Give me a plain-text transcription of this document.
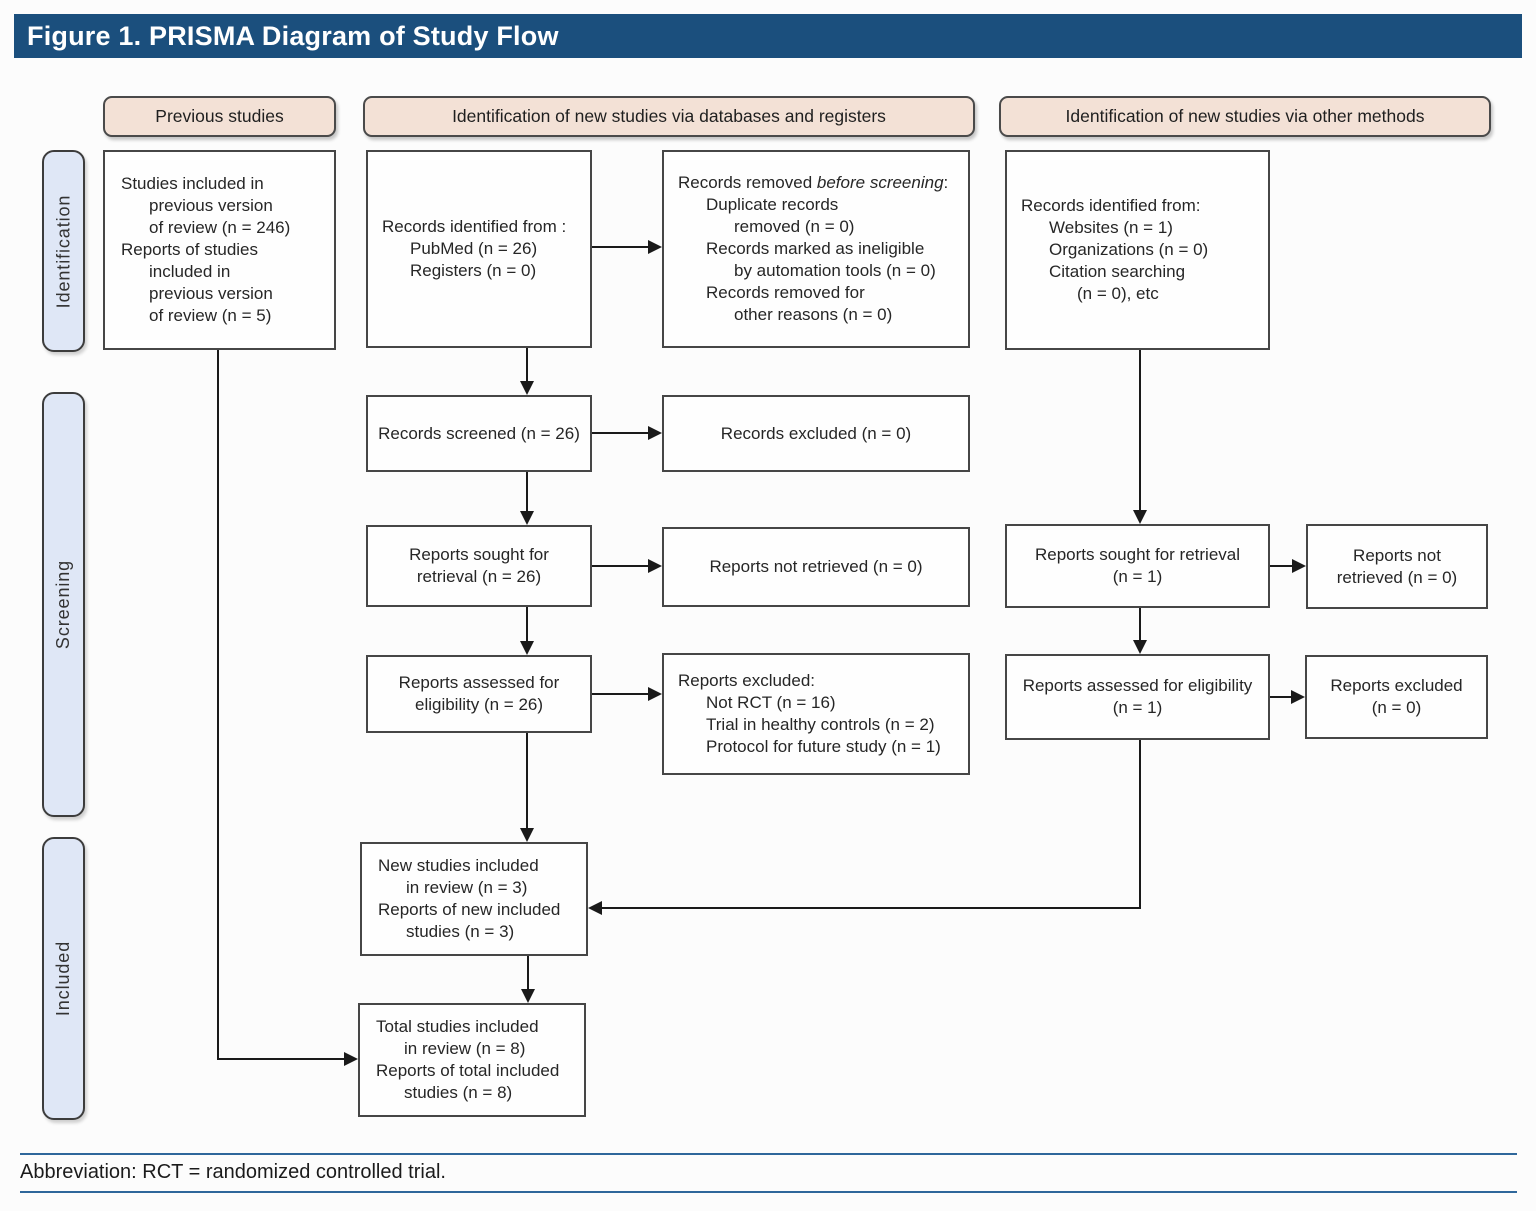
Figure 1. PRISMA Diagram of Study Flow
Previous studies	Identification of new studies via databases and registers	Identification of new studies via other methods
Identification
Screening
Included
Studies included in
previous version
of review (n = 246)
Reports of studies
included in
previous version
of review (n = 5)
Records identified from :
PubMed (n = 26)
Registers (n = 0)
Records removed before screening:
Duplicate records
removed (n = 0)
Records marked as ineligible
by automation tools (n = 0)
Records removed for
other reasons (n = 0)
Records screened (n = 26)	Records excluded (n = 0)
Reports sought for
retrieval (n = 26)
Reports not retrieved (n = 0)
Reports assessed for
eligibility (n = 26)
Reports excluded:
Not RCT (n = 16)
Trial in healthy controls (n = 2)
Protocol for future study (n = 1)
Records identified from:
Websites (n = 1)
Organizations (n = 0)
Citation searching
(n = 0), etc
Reports sought for retrieval
(n = 1)
Reports not
retrieved (n = 0)
Reports assessed for eligibility
(n = 1)
Reports excluded
(n = 0)
New studies included
in review (n = 3)
Reports of new included
studies (n = 3)
Total studies included
in review (n = 8)
Reports of total included
studies (n = 8)
Abbreviation: RCT = randomized controlled trial.
